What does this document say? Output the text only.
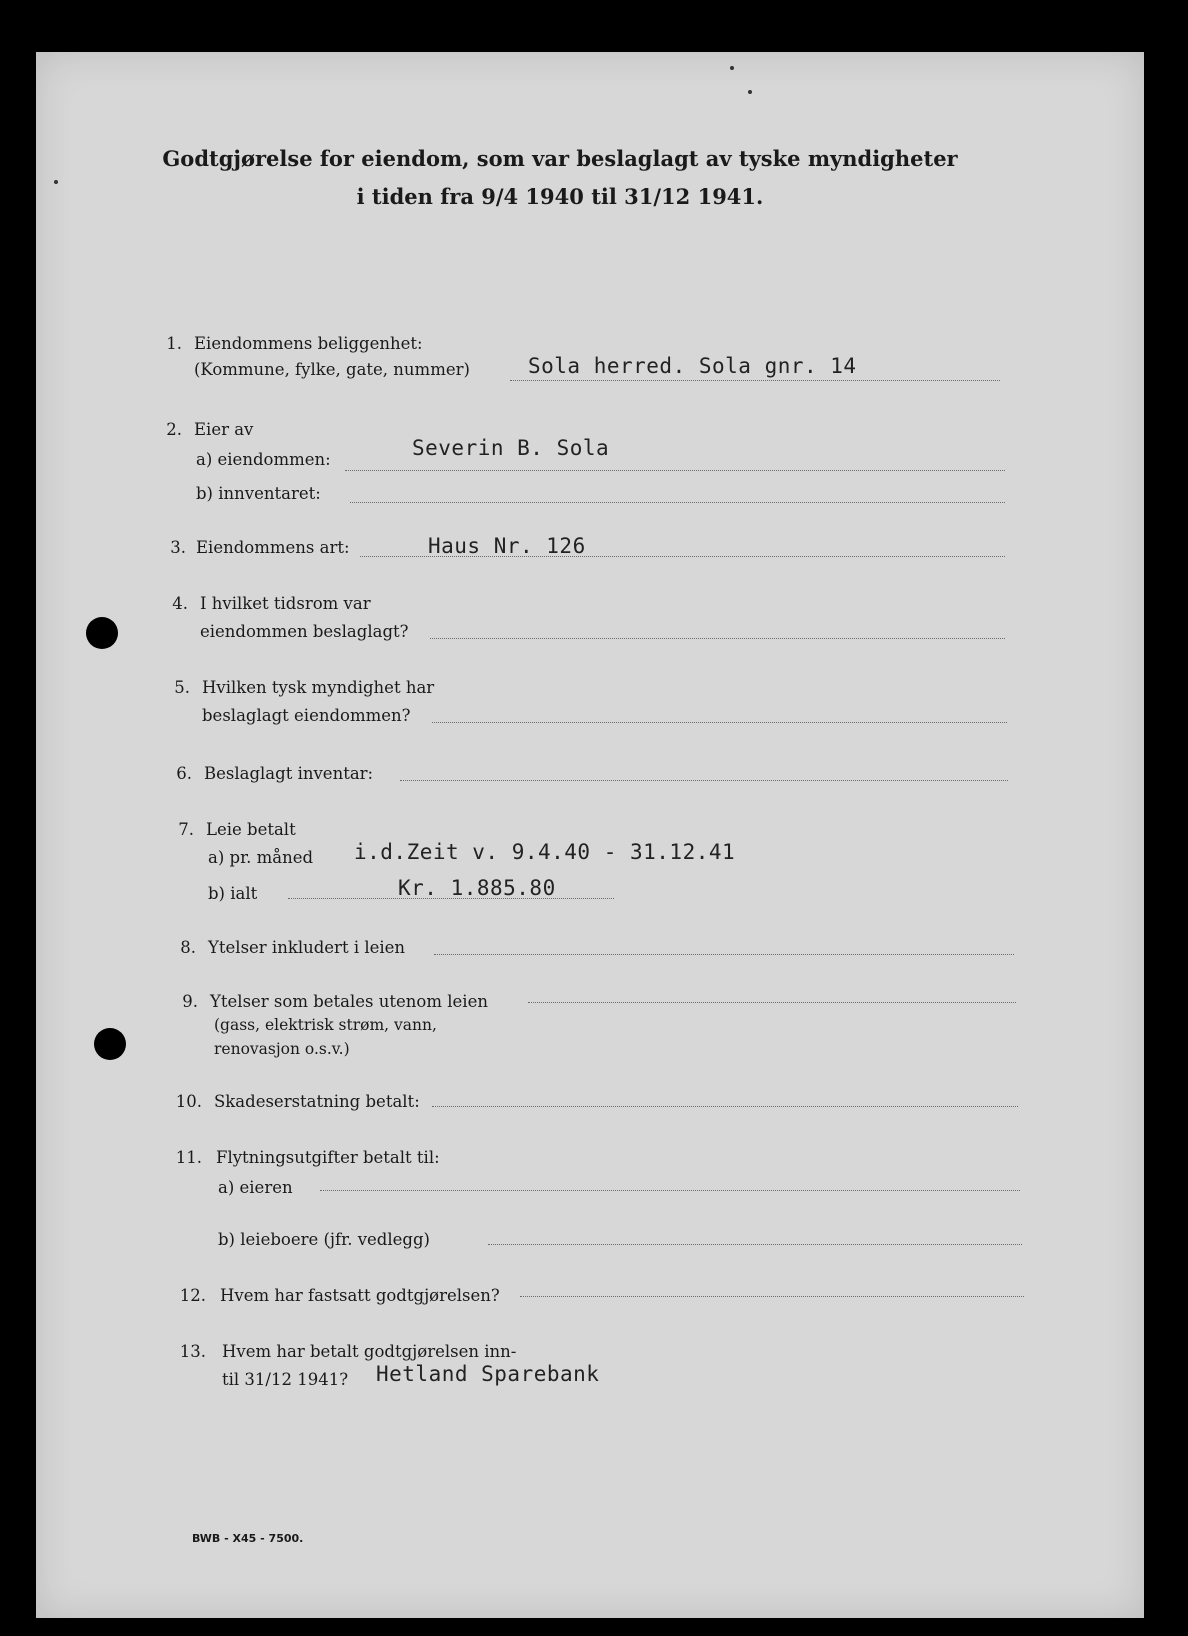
Godtgjørelse for eiendom, som var beslaglagt av tyske myndigheter
i tiden fra 9/4 1940 til 31/12 1941.
1. Eiendommens beliggenhet:
(Kommune, fylke, gate, nummer)	Sola herred. Sola gnr. 14
2. Eier av
a) eiendommen:	Severin B. Sola
b) innventaret:
3. Eiendommens art:	Haus Nr. 126
4. I hvilket tidsrom var
eiendommen beslaglagt?
5. Hvilken tysk myndighet har
beslaglagt eiendommen?
6. Beslaglagt inventar:
7. Leie betalt
a) pr. måned i.d.Zeit v. 9.4.40 - 31.12.41
b) ialt	Kr. 1.885.80
8. Ytelser inkludert i leien
9. Ytelser som betales utenom leien
(gass, elektrisk strøm, vann,
renovasjon o.s.v.)
10. Skadeserstatning betalt:
11. Flytningsutgifter betalt til:
a) eieren
b) leieboere (jfr. vedlegg)
12. Hvem har fastsatt godtgjørelsen?
13. Hvem har betalt godtgjørelsen inn-
til 31/12 1941? Hetland Sparebank
BWB - X45 - 7500.
